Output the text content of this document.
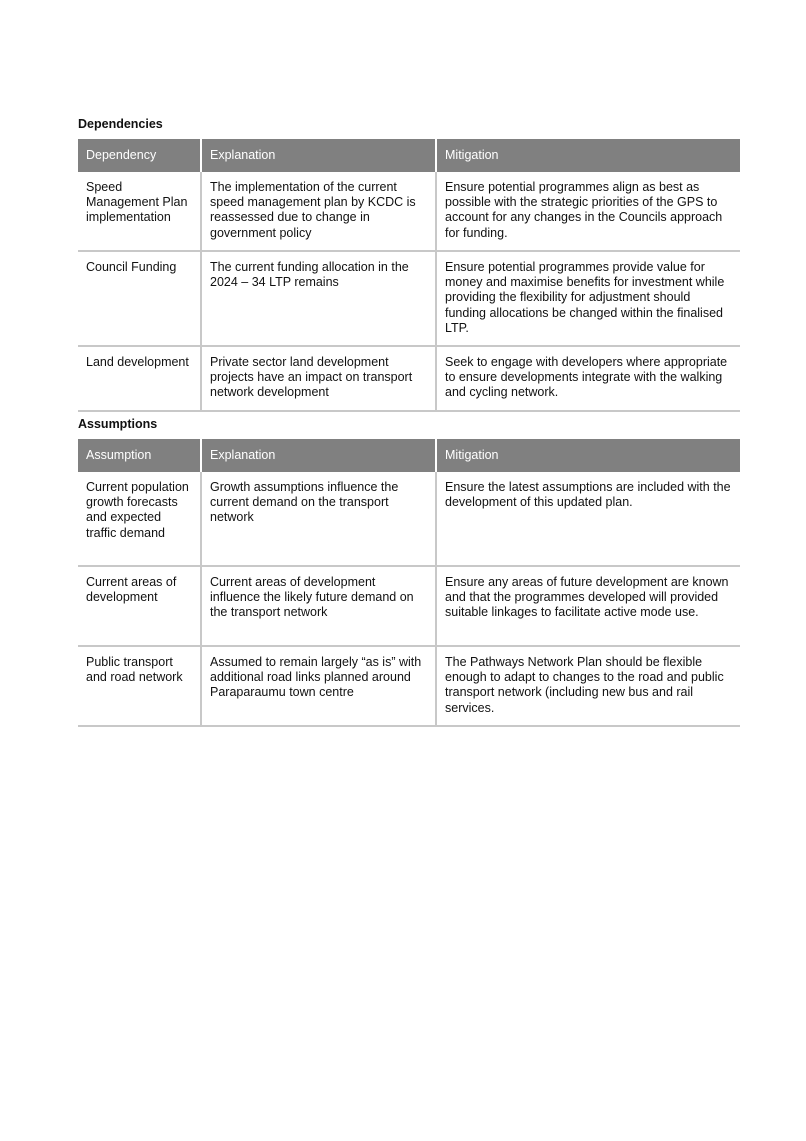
Dependencies
Dependency	Explanation	Mitigation
Speed Management Plan implementation	The implementation of the current speed management plan by KCDC is reassessed due to change in government policy	Ensure potential programmes align as best as possible with the strategic priorities of the GPS to account for any changes in the Councils approach for funding.
Council Funding	The current funding allocation in the 2024 – 34 LTP remains	Ensure potential programmes provide value for money and maximise benefits for investment while providing the flexibility for adjustment should funding allocations be changed within the finalised LTP.
Land development	Private sector land development projects have an impact on transport network development	Seek to engage with developers where appropriate to ensure developments integrate with the walking and cycling network.
Assumptions
Assumption	Explanation	Mitigation
Current population growth forecasts and expected traffic demand	Growth assumptions influence the current demand on the transport network	Ensure the latest assumptions are included with the development of this updated plan.
Current areas of development	Current areas of development influence the likely future demand on the transport network	Ensure any areas of future development are known and that the programmes developed will provided suitable linkages to facilitate active mode use.
Public transport and road network	Assumed to remain largely “as is” with additional road links planned around Paraparaumu town centre	The Pathways Network Plan should be flexible enough to adapt to changes to the road and public transport network (including new bus and rail services.
